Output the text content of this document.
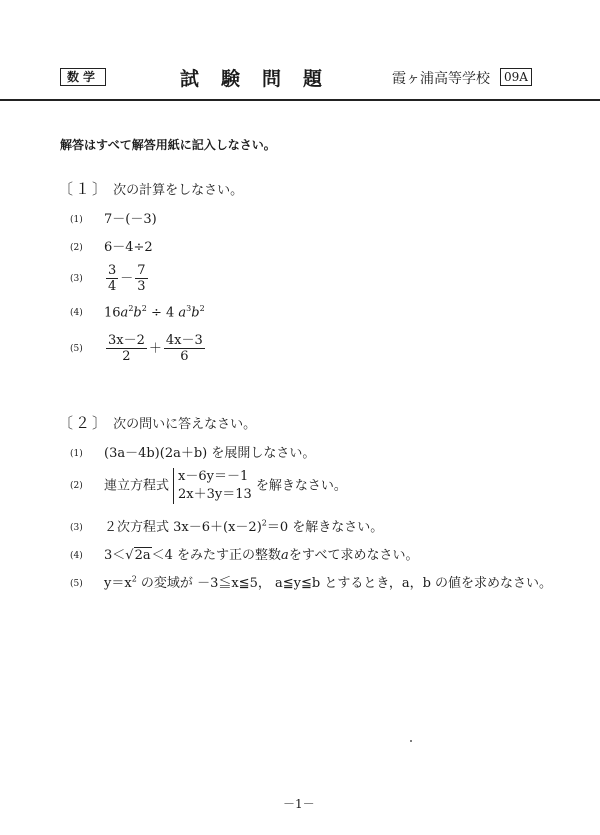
数学	試験問題	霞ヶ浦高等学校	09A
解答はすべて解答用紙に記入しなさい。
〔１〕 次の計算をしなさい。
(1) 7－(－3)
(2) 6－4÷2
$(3) \frac{3}{4} - \frac{7}{3}$
(4) $16a^2b^2 \div 4$ $a^3b^2$
$(5) \frac{3x-2}{2} + \frac{4x-3}{6}$
〔２〕 次の問いに答えなさい。
(1) (3a－4b)(2a＋b) を展開しなさい。
(2) 連立方程式
x－6y＝－1
2x＋3y＝13
を解きなさい。
(3) ２次方程式 $3x-6+(x-2)^2=0$ を解きなさい。
(4) 3＜√2a＜4 をみたす正の整数aをすべて求めなさい。
(5) $y=x^2$ の変域が －3≦x≦5， a≦y≦b とするとき，a，b の値を求めなさい。
－1－
